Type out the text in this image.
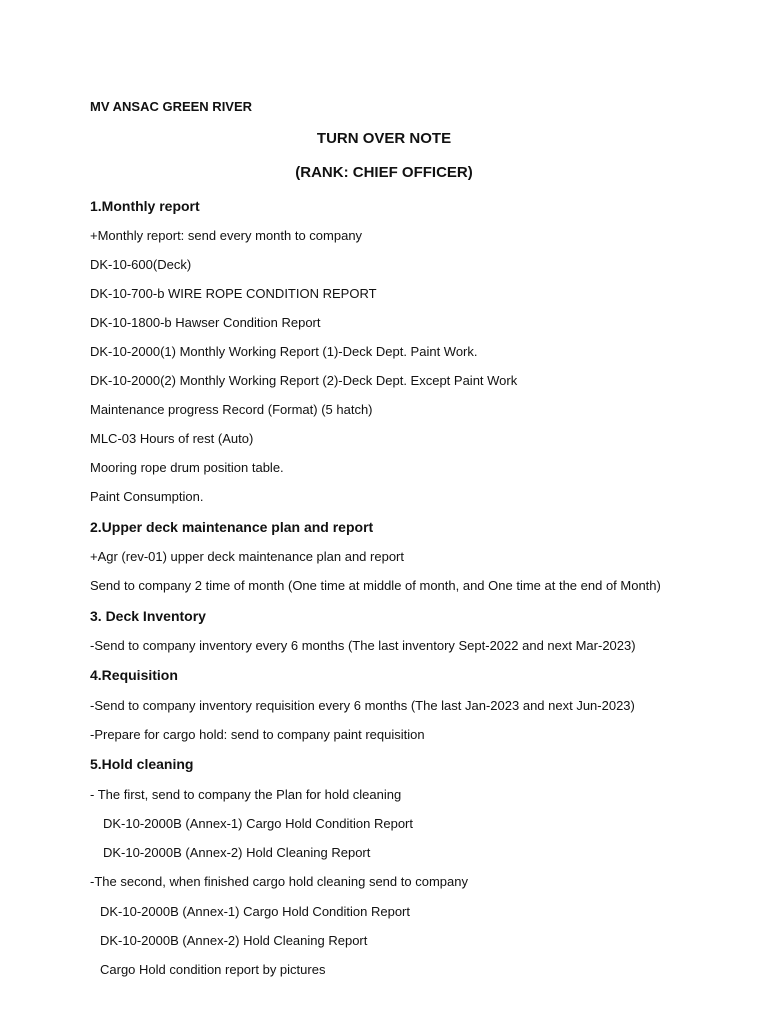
MV ANSAC GREEN RIVER
TURN OVER NOTE
(RANK: CHIEF OFFICER)
1.Monthly report
+Monthly report: send every month to company
DK-10-600(Deck)
DK-10-700-b WIRE ROPE CONDITION REPORT
DK-10-1800-b Hawser Condition Report
DK-10-2000(1) Monthly Working Report (1)-Deck Dept. Paint Work.
DK-10-2000(2) Monthly Working Report (2)-Deck Dept. Except Paint Work
Maintenance progress Record (Format) (5 hatch)
MLC-03 Hours of rest (Auto)
Mooring rope drum position table.
Paint Consumption.
2.Upper deck maintenance plan and report
+Agr (rev-01) upper deck maintenance plan and report
Send to company 2 time of month (One time at middle of month, and One time at the end of Month)
3. Deck Inventory
-Send to company inventory every 6 months (The last inventory Sept-2022 and next Mar-2023)
4.Requisition
-Send to company inventory requisition every 6 months (The last Jan-2023 and next Jun-2023)
-Prepare for cargo hold: send to company paint requisition
5.Hold cleaning
- The first, send to company the Plan for hold cleaning
DK-10-2000B (Annex-1) Cargo Hold Condition Report
DK-10-2000B (Annex-2) Hold Cleaning Report
-The second, when finished cargo hold cleaning send to company
DK-10-2000B (Annex-1) Cargo Hold Condition Report
DK-10-2000B (Annex-2) Hold Cleaning Report
Cargo Hold condition report by pictures
